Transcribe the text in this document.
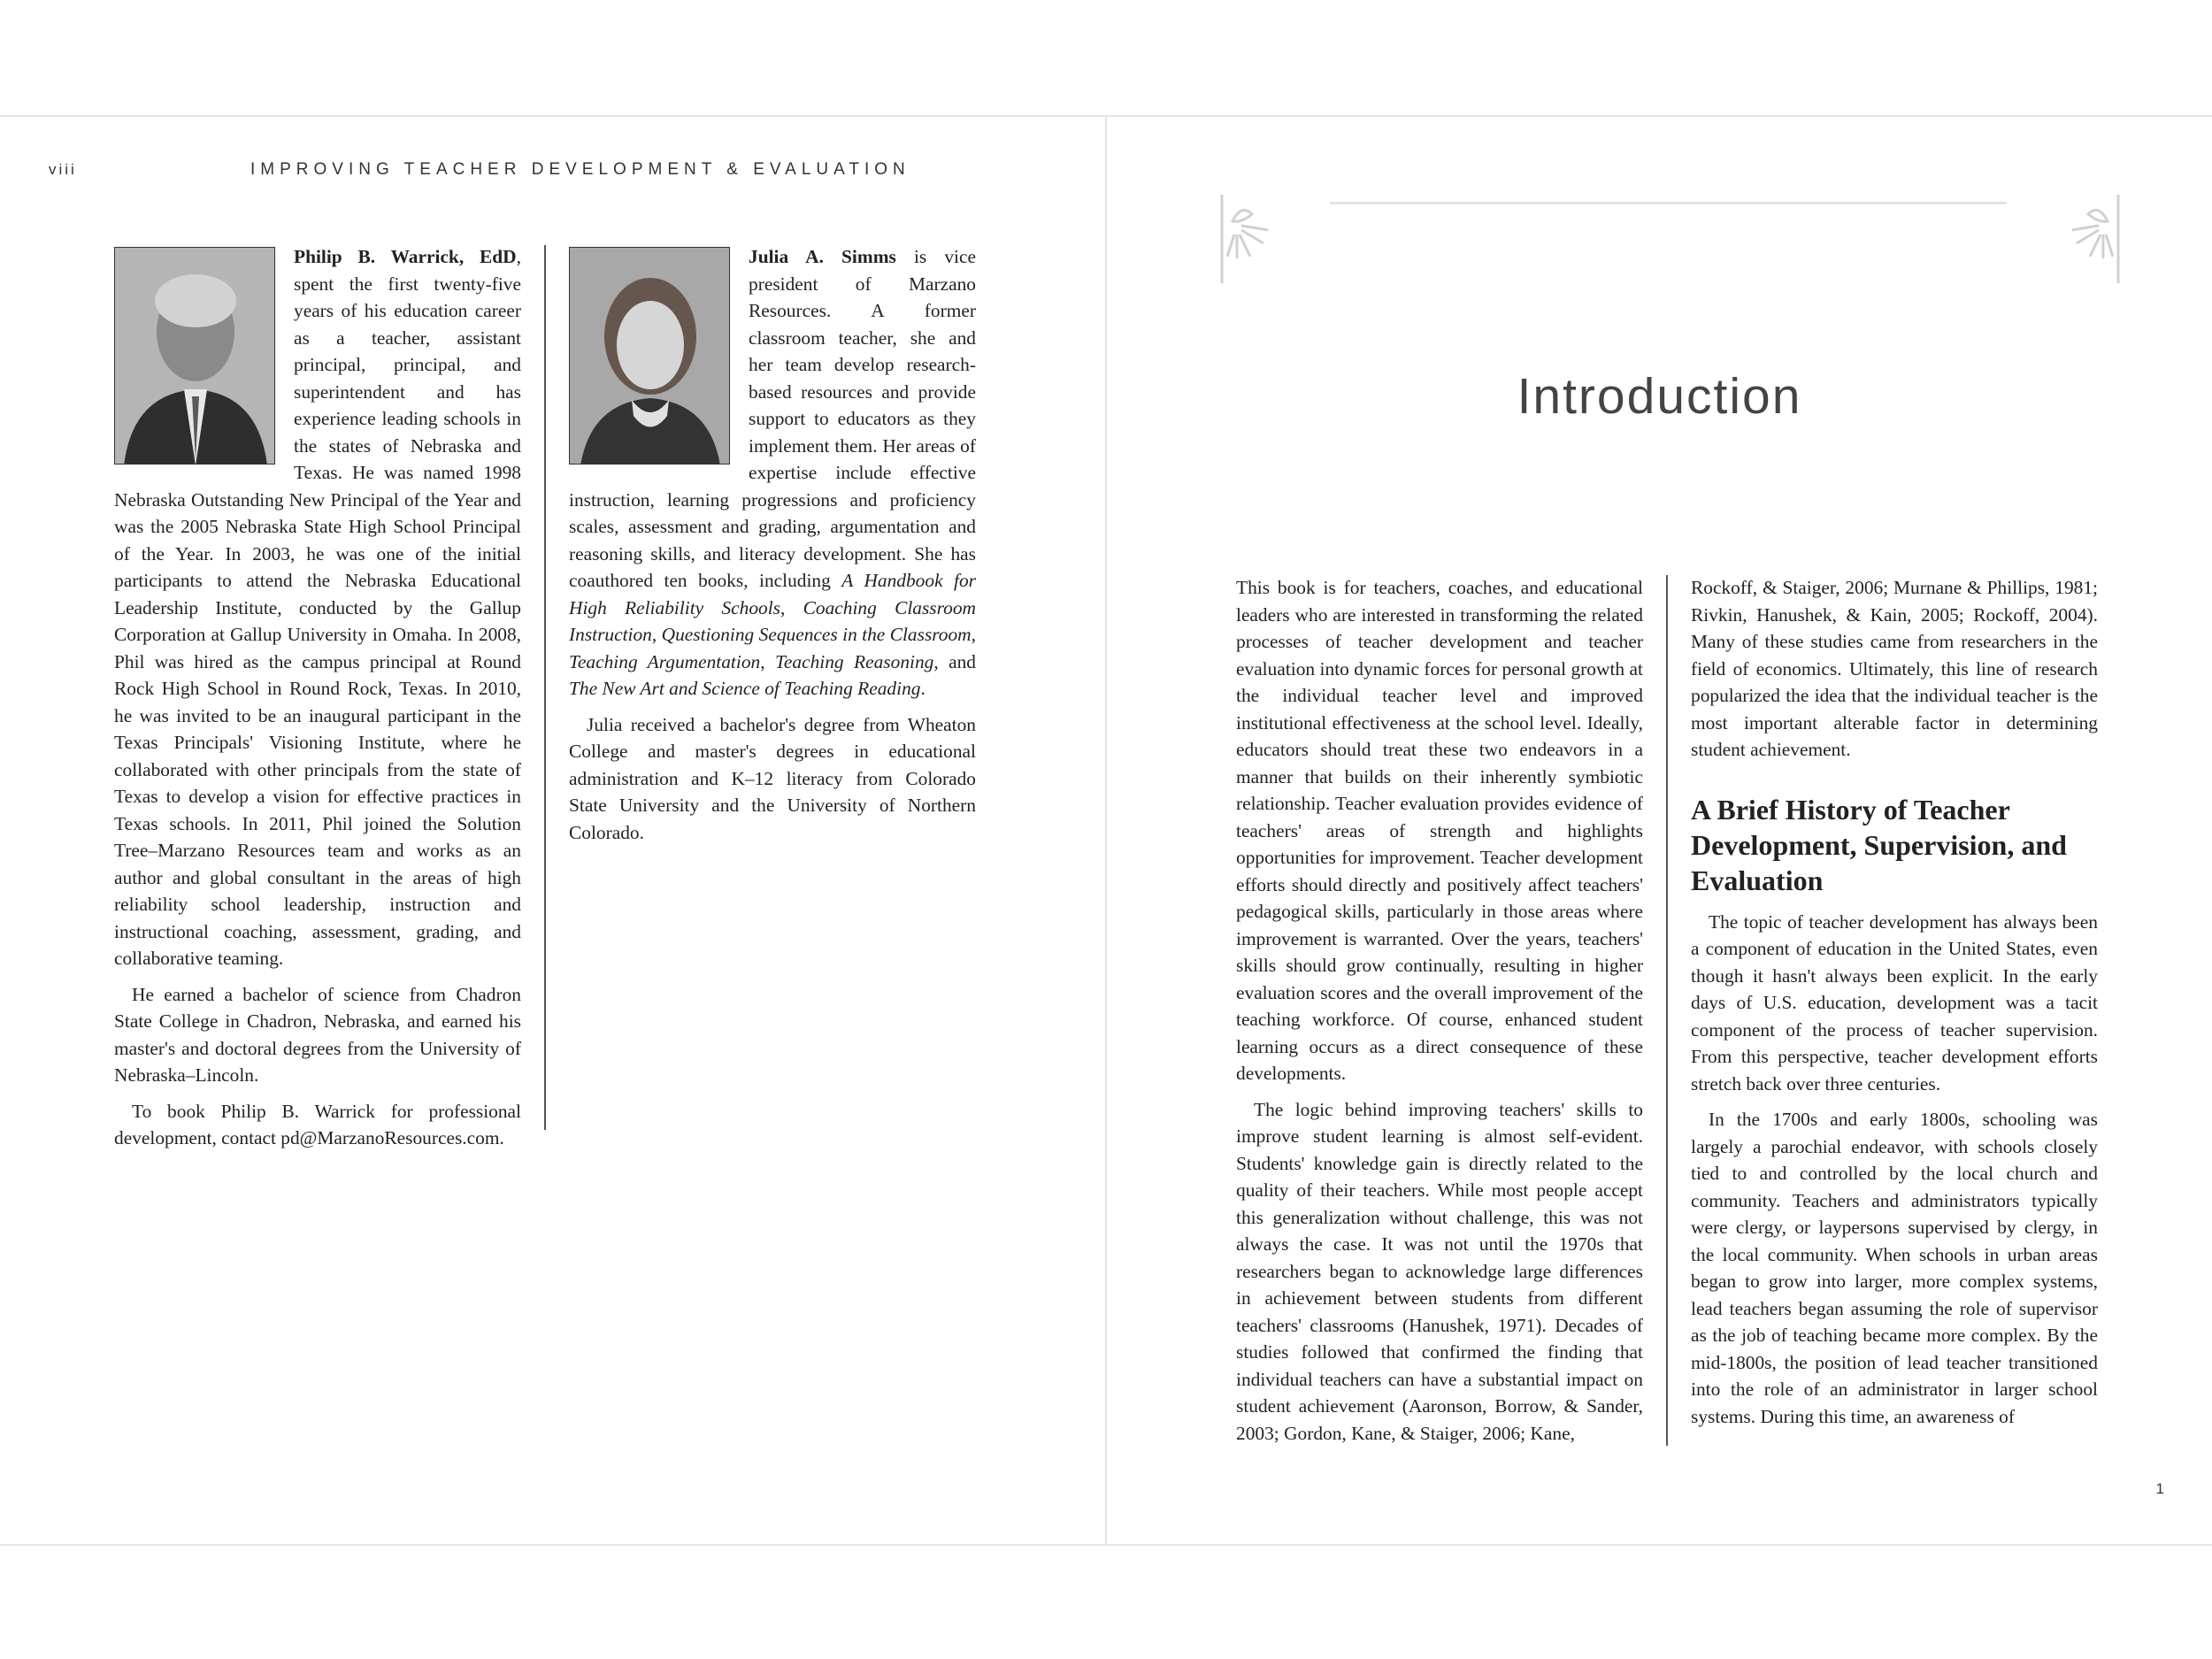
viii	IMPROVING TEACHER DEVELOPMENT & EVALUATION

Philip B. Warrick, EdD, spent the first twenty-five years of his education career as a teacher, assistant principal, principal, and superintendent and has experience leading schools in the states of Nebraska and Texas. He was named 1998 Nebraska Outstanding New Principal of the Year and was the 2005 Nebraska State High School Principal of the Year. In 2003, he was one of the initial participants to attend the Nebraska Educational Leadership Institute, conducted by the Gallup Corporation at Gallup University in Omaha. In 2008, Phil was hired as the campus principal at Round Rock High School in Round Rock, Texas. In 2010, he was invited to be an inaugural participant in the Texas Principals' Visioning Institute, where he collaborated with other principals from the state of Texas to develop a vision for effective practices in Texas schools. In 2011, Phil joined the Solution Tree–Marzano Resources team and works as an author and global consultant in the areas of high reliability school leadership, instruction and instructional coaching, assessment, grading, and collaborative teaming.

He earned a bachelor of science from Chadron State College in Chadron, Nebraska, and earned his master's and doctoral degrees from the University of Nebraska–Lincoln.

To book Philip B. Warrick for professional development, contact pd@MarzanoResources.com.

Julia A. Simms is vice president of Marzano Resources. A former classroom teacher, she and her team develop research-based resources and provide support to educators as they implement them. Her areas of expertise include effective instruction, learning progressions and proficiency scales, assessment and grading, argumentation and reasoning skills, and literacy development. She has coauthored ten books, including A Handbook for High Reliability Schools, Coaching Classroom Instruction, Questioning Sequences in the Classroom, Teaching Argumentation, Teaching Reasoning, and The New Art and Science of Teaching Reading.

Julia received a bachelor's degree from Wheaton College and master's degrees in educational administration and K–12 literacy from Colorado State University and the University of Northern Colorado.

Introduction

This book is for teachers, coaches, and educational leaders who are interested in transforming the related processes of teacher development and teacher evaluation into dynamic forces for personal growth at the individual teacher level and improved institutional effectiveness at the school level. Ideally, educators should treat these two endeavors in a manner that builds on their inherently symbiotic relationship. Teacher evaluation provides evidence of teachers' areas of strength and highlights opportunities for improvement. Teacher development efforts should directly and positively affect teachers' pedagogical skills, particularly in those areas where improvement is warranted. Over the years, teachers' skills should grow continually, resulting in higher evaluation scores and the overall improvement of the teaching workforce. Of course, enhanced student learning occurs as a direct consequence of these developments.

The logic behind improving teachers' skills to improve student learning is almost self-evident. Students' knowledge gain is directly related to the quality of their teachers. While most people accept this generalization without challenge, this was not always the case. It was not until the 1970s that researchers began to acknowledge large differences in achievement between students from different teachers' classrooms (Hanushek, 1971). Decades of studies followed that confirmed the finding that individual teachers can have a substantial impact on student achievement (Aaronson, Borrow, & Sander, 2003; Gordon, Kane, & Staiger, 2006; Kane,

Rockoff, & Staiger, 2006; Murnane & Phillips, 1981; Rivkin, Hanushek, & Kain, 2005; Rockoff, 2004). Many of these studies came from researchers in the field of economics. Ultimately, this line of research popularized the idea that the individual teacher is the most important alterable factor in determining student achievement.

A Brief History of Teacher Development, Supervision, and Evaluation

The topic of teacher development has always been a component of education in the United States, even though it hasn't always been explicit. In the early days of U.S. education, development was a tacit component of the process of teacher supervision. From this perspective, teacher development efforts stretch back over three centuries.

In the 1700s and early 1800s, schooling was largely a parochial endeavor, with schools closely tied to and controlled by the local church and community. Teachers and administrators typically were clergy, or laypersons supervised by clergy, in the local community. When schools in urban areas began to grow into larger, more complex systems, lead teachers began assuming the role of supervisor as the job of teaching became more complex. By the mid-1800s, the position of lead teacher transitioned into the role of an administrator in larger school systems. During this time, an awareness of

1
